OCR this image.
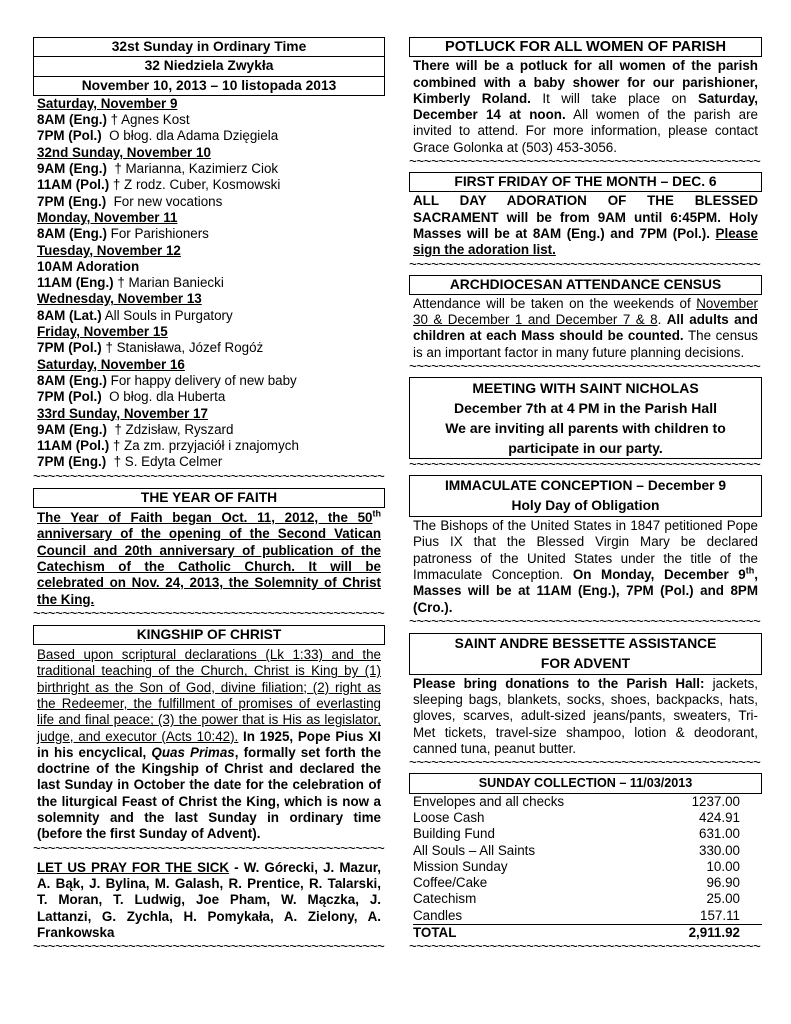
32st Sunday in Ordinary Time
32 Niedziela Zwykła
November 10, 2013 – 10 listopada 2013
Saturday, November 9
8AM (Eng.) † Agnes Kost
7PM (Pol.)  O błog. dla Adama Dzięgiela
32nd Sunday, November 10
9AM (Eng.)  † Marianna, Kazimierz Ciok
11AM (Pol.) † Z rodz. Cuber, Kosmowski
7PM (Eng.)  For new vocations
Monday, November 11
8AM (Eng.) For Parishioners
Tuesday, November 12
10AM Adoration
11AM (Eng.) † Marian Baniecki
Wednesday, November 13
8AM (Lat.) All Souls in Purgatory
Friday, November 15
7PM (Pol.) † Stanisława, Józef Rogóż
Saturday, November 16
8AM (Eng.) For happy delivery of new baby
7PM (Pol.)  O błog. dla Huberta
33rd Sunday, November 17
9AM (Eng.)  † Zdzisław, Ryszard
11AM (Pol.) † Za zm. przyjaciół i znajomych
7PM (Eng.)  † S. Edyta Celmer
~~~~~~~~~~~~~~~~~~~~~~~~~~~~~~~~~~~~~~~~~~~~~~~~
THE YEAR OF FAITH
The Year of Faith began Oct. 11, 2012, the 50th anniversary of the opening of the Second Vatican Council and 20th anniversary of publication of the Catechism of the Catholic Church. It will be celebrated on Nov. 24, 2013, the Solemnity of Christ the King.
~~~~~~~~~~~~~~~~~~~~~~~~~~~~~~~~~~~~~~~~~~~~~~~~
KINGSHIP OF CHRIST
Based upon scriptural declarations (Lk 1:33) and the traditional teaching of the Church, Christ is King by (1) birthright as the Son of God, divine filiation; (2) right as the Redeemer, the fulfillment of promises of everlasting life and final peace; (3) the power that is His as legislator, judge, and executor (Acts 10:42). In 1925, Pope Pius XI in his encyclical, Quas Primas, formally set forth the doctrine of the Kingship of Christ and declared the last Sunday in October the date for the celebration of the liturgical Feast of Christ the King, which is now a solemnity and the last Sunday in ordinary time (before the first Sunday of Advent).
~~~~~~~~~~~~~~~~~~~~~~~~~~~~~~~~~~~~~~~~~~~~~~~~
LET US PRAY FOR THE SICK - W. Górecki, J. Mazur, A. Bąk, J. Bylina, M. Galash, R. Prentice, R. Talarski, T. Moran, T. Ludwig, Joe Pham, W. Mączka, J. Lattanzi, G. Zychla, H. Pomykała, A. Zielony, A. Frankowska
~~~~~~~~~~~~~~~~~~~~~~~~~~~~~~~~~~~~~~~~~~~~~~~~
POTLUCK FOR ALL WOMEN OF PARISH
There will be a potluck for all women of the parish combined with a baby shower for our parishioner, Kimberly Roland. It will take place on Saturday, December 14 at noon. All women of the parish are invited to attend. For more information, please contact Grace Golonka at (503) 453-3056.
~~~~~~~~~~~~~~~~~~~~~~~~~~~~~~~~~~~~~~~~~~~~~~~~
FIRST FRIDAY OF THE MONTH – DEC. 6
ALL DAY ADORATION OF THE BLESSED SACRAMENT will be from 9AM until 6:45PM. Holy Masses will be at 8AM (Eng.) and 7PM (Pol.). Please sign the adoration list.
~~~~~~~~~~~~~~~~~~~~~~~~~~~~~~~~~~~~~~~~~~~~~~~~
ARCHDIOCESAN ATTENDANCE CENSUS
Attendance will be taken on the weekends of November 30 & December 1 and December 7 & 8. All adults and children at each Mass should be counted. The census is an important factor in many future planning decisions.
~~~~~~~~~~~~~~~~~~~~~~~~~~~~~~~~~~~~~~~~~~~~~~~~
MEETING WITH SAINT NICHOLAS
December 7th at 4 PM in the Parish Hall
We are inviting all parents with children to
participate in our party.
~~~~~~~~~~~~~~~~~~~~~~~~~~~~~~~~~~~~~~~~~~~~~~~~
IMMACULATE CONCEPTION – December 9
Holy Day of Obligation
The Bishops of the United States in 1847 petitioned Pope Pius IX that the Blessed Virgin Mary be declared patroness of the United States under the title of the Immaculate Conception. On Monday, December 9th, Masses will be at 11AM (Eng.), 7PM (Pol.) and 8PM (Cro.).
~~~~~~~~~~~~~~~~~~~~~~~~~~~~~~~~~~~~~~~~~~~~~~~~
SAINT ANDRE BESSETTE ASSISTANCE
FOR ADVENT
Please bring donations to the Parish Hall: jackets, sleeping bags, blankets, socks, shoes, backpacks, hats, gloves, scarves, adult-sized jeans/pants, sweaters, Tri-Met tickets, travel-size shampoo, lotion & deodorant, canned tuna, peanut butter.
~~~~~~~~~~~~~~~~~~~~~~~~~~~~~~~~~~~~~~~~~~~~~~~~
SUNDAY COLLECTION – 11/03/2013
Envelopes and all checks	1237.00
Loose Cash	424.91
Building Fund	631.00
All Souls – All Saints	330.00
Mission Sunday	10.00
Coffee/Cake	96.90
Catechism	25.00
Candles	157.11
TOTAL	2,911.92
~~~~~~~~~~~~~~~~~~~~~~~~~~~~~~~~~~~~~~~~~~~~~~~~
